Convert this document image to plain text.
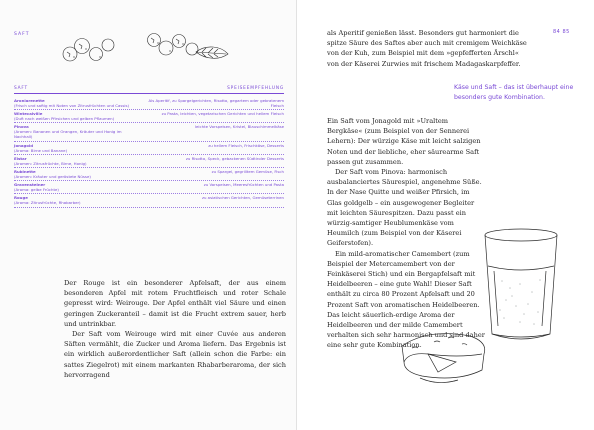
SAFT
SAFT	SPEISEEMPFEHLUNG
Aroniarenette
(Frisch und saftig mit Noten von Zitrusfrüchten und Cassis)
Als Aperitif, zu Spargelgerichten, Risotto, gegartem oder gebratenem Fleisch
Wintecalville
(Duft nach weißen Pfirsichen und gelben Pflaumen)
zu Pasta, leichten, vegetarischen Gerichten und hellem Fleisch
Pinova
(Aromen: Bananen und Orangen, Kräuter und Honig im Nachhall)
leichte Vorspeisen, Kristel, Blauschimmelkäse
Jonagold
(Aroma: Birne und Banane)
zu hellem Fleisch, Frischkäse, Desserts
Elstar
(Aromen: Zitrusfrüchte, Birne, Honig)
zu Risotto, Speck, gebackenen Südtiroler Desserts
Rubinette
(Aromen: Kräuter und geröstete Nüsse)
zu Spargel, gegrilltem Gemüse, Fisch
Gravensteiner
(Aroma: gelbe Früchte)
zu Vorspeisen, Meeresfrüchten und Pasta
Rouge
(Aroma: Zitrusfrüchte, Rhabarber)
zu asiatischen Gerichten, Gemüseterrinen

Der Rouge ist ein besonderer Apfelsaft, der aus einem besonderen Apfel mit rotem Fruchtfleisch und roter Schale gepresst wird: Weirouge. Der Apfel enthält viel Säure und einen geringen Zuckeranteil – damit ist die Frucht extrem sauer, herb und untrinkbar.

Der Saft vom Weirouge wird mit einer Cuvée aus anderen Säften vermählt, die Zucker und Aroma liefern. Das Ergebnis ist ein wirklich außerordentlicher Saft (allein schon die Farbe: ein sattes Ziegelrot) mit einem markanten Rhabarberaroma, der sich hervorragend

84 85
als Aperitif genießen lässt. Besonders gut harmoniert die spitze Säure des Saftes aber auch mit cremigem Weichkäse von der Kuh, zum Beispiel mit dem »gepfefferten Ärschl« von der Käserei Zurwies mit frischem Madagaskarpfeffer.
Käse und Saft – das ist überhaupt eine besonders gute Kombination.

Ein Saft vom Jonagold mit »Uraltem Bergkäse« (zum Beispiel von der Sennerei Lehern): Der würzige Käse mit leicht salzigen Noten und der liebliche, eher säurearme Saft passen gut zusammen.

Der Saft vom Pinova: harmonisch ausbalanciertes Säurespiel, angenehme Süße. In der Nase Quitte und weißer Pfirsich, im Glas goldgelb – ein ausgewogener Begleiter mit leichten Säurespitzen. Dazu passt ein würzig-samtiger Heublumenkäse vom Heumilch (zum Beispiel von der Käserei Geiferstofen).

Ein mild-aromatischer Camembert (zum Beispiel der Metercamembert von der Feinkäserei Stich) und ein Bergapfelsaft mit Heidelbeeren – eine gute Wahl! Dieser Saft enthält zu circa 80 Prozent Apfelsaft und 20 Prozent Saft von aromatischen Heidelbeeren. Das leicht säuerlich-erdige Aroma der Heidelbeeren und der milde Camembert verhalten sich sehr harmonisch und sind daher eine sehr gute Kombination.
